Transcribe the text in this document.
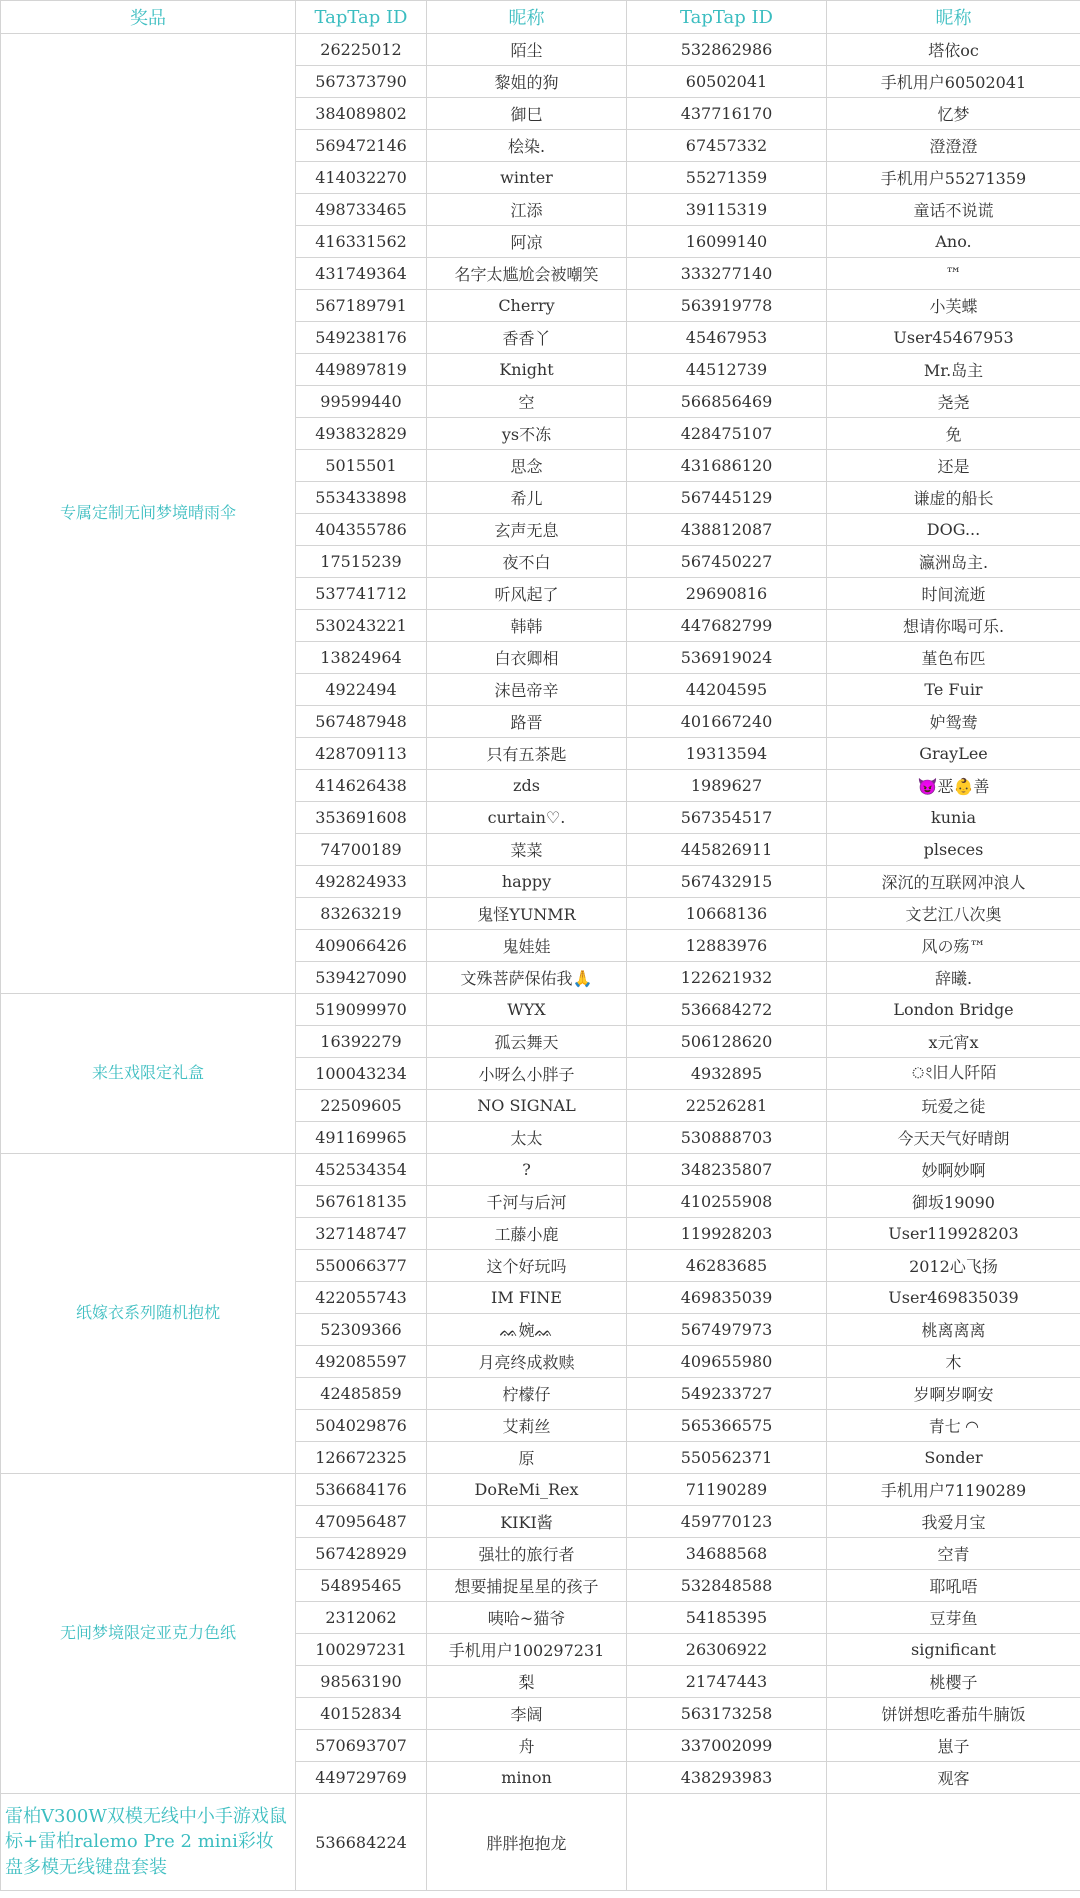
奖品	TapTap ID	昵称	TapTap ID	昵称
专属定制无间梦境晴雨伞	26225012	陌尘	532862986	塔依oc
	567373790	黎姐的狗	60502041	手机用户60502041
	384089802	御巳	437716170	忆梦
	569472146	桧染.	67457332	澄澄澄
	414032270	winter	55271359	手机用户55271359
	498733465	江添	39115319	童话不说谎
	416331562	阿凉	16099140	Ano.
	431749364	名字太尴尬会被嘲笑	333277140	™
	567189791	Cherry	563919778	小芙蝶
	549238176	香香丫	45467953	User45467953
	449897819	Knight	44512739	Mr.岛主
	99599440	空	566856469	尧尧
	493832829	ys不冻	428475107	免
	5015501	思念	431686120	还是
	553433898	希儿	567445129	谦虚的船长
	404355786	玄声无息	438812087	DOG...
	17515239	夜不白	567450227	瀛洲岛主.
	537741712	听风起了	29690816	时间流逝
	530243221	韩韩	447682799	想请你喝可乐.
	13824964	白衣卿相	536919024	堇色布匹
	4922494	沫邑帝辛	44204595	Te Fuir
	567487948	路晋	401667240	妒鸳鸯
	428709113	只有五茶匙	19313594	GrayLee
	414626438	zds	1989627	😈恶👶善
	353691608	curtain♡.	567354517	kunia
	74700189	菜菜	445826911	plseces
	492824933	happy	567432915	深沉的互联网冲浪人
	83263219	鬼怪YUNMR	10668136	文艺江八次奥
	409066426	鬼娃娃	12883976	风の殇™
	539427090	文殊菩萨保佑我🙏	122621932	辞曦.
来生戏限定礼盒	519099970	WYX	536684272	London Bridge
	16392279	孤云舞天	506128620	x元宵x
	100043234	小呀么小胖子	4932895	ং旧人阡陌
	22509605	NO SIGNAL	22526281	玩爱之徒
	491169965	太太	530888703	今天天气好晴朗
纸嫁衣系列随机抱枕	452534354	?	348235807	妙啊妙啊
	567618135	千河与后河	410255908	御坂19090
	327148747	工藤小鹿	119928203	User119928203
	550066377	这个好玩吗	46283685	2012心飞扬
	422055743	IM FINE	469835039	User469835039
	52309366	ᨐ婉ᨐ	567497973	桃离离离
	492085597	月亮终成救赎	409655980	木
	42485859	柠檬仔	549233727	岁啊岁啊安
	504029876	艾莉丝	565366575	青七 ◜◝
	126672325	原	550562371	Sonder
无间梦境限定亚克力色纸	536684176	DoReMi_Rex	71190289	手机用户71190289
	470956487	KIKI酱	459770123	我爱月宝
	567428929	强壮的旅行者	34688568	空青
	54895465	想要捕捉星星的孩子	532848588	耶吼唔
	2312062	咦哈~猫爷	54185395	豆芽鱼
	100297231	手机用户100297231	26306922	significant
	98563190	梨	21747443	桃樱子
	40152834	李阔	563173258	饼饼想吃番茄牛腩饭
	570693707	舟	337002099	崽子
	449729769	minon	438293983	观客
雷柏V300W双模无线中小手游戏鼠标+雷柏ralemo Pre 2 mini彩妆盘多模无线键盘套装	536684224	胖胖抱抱龙		
